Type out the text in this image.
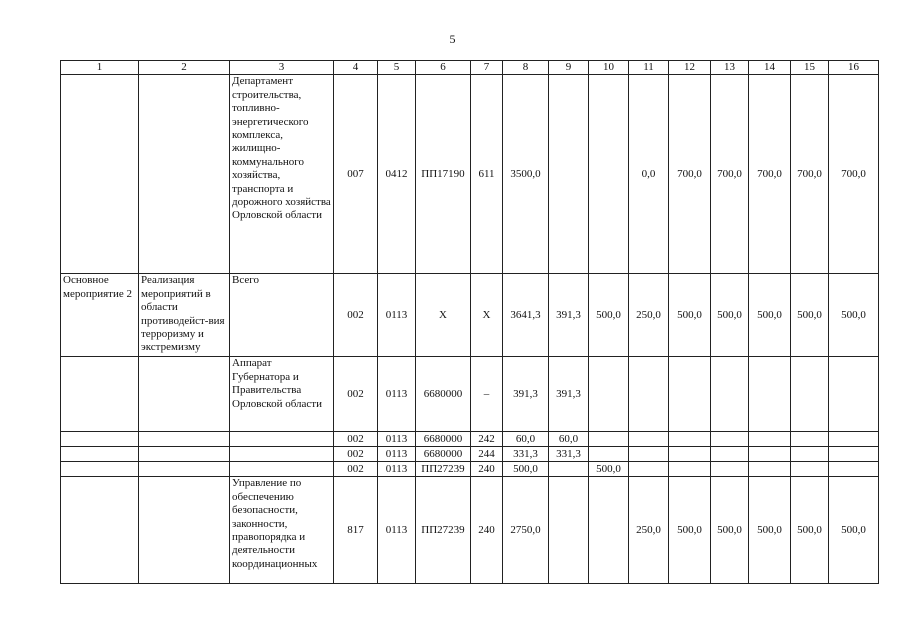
5
1	2	3	4	5	6	7	8	9	10	11	12	13	14	15	16
		Департамент строительства, топливно-энергетического комплекса, жилищно-коммунального хозяйства, транспорта и дорожного хозяйства Орловской области	007	0412	ПП17190	611	3500,0			0,0	700,0	700,0	700,0	700,0	700,0
Основное мероприятие 2	Реализация мероприятий в области противодейст-вия терроризму и экстремизму	Всего	002	0113	Х	Х	3641,3	391,3	500,0	250,0	500,0	500,0	500,0	500,0	500,0
		Аппарат Губернатора и Правительства Орловской области	002	0113	6680000	–	391,3	391,3							
			002	0113	6680000	242	60,0	60,0							
			002	0113	6680000	244	331,3	331,3							
			002	0113	ПП27239	240	500,0		500,0						
		Управление по обеспечению безопасности, законности, правопорядка и деятельности координационных	817	0113	ПП27239	240	2750,0			250,0	500,0	500,0	500,0	500,0	500,0
